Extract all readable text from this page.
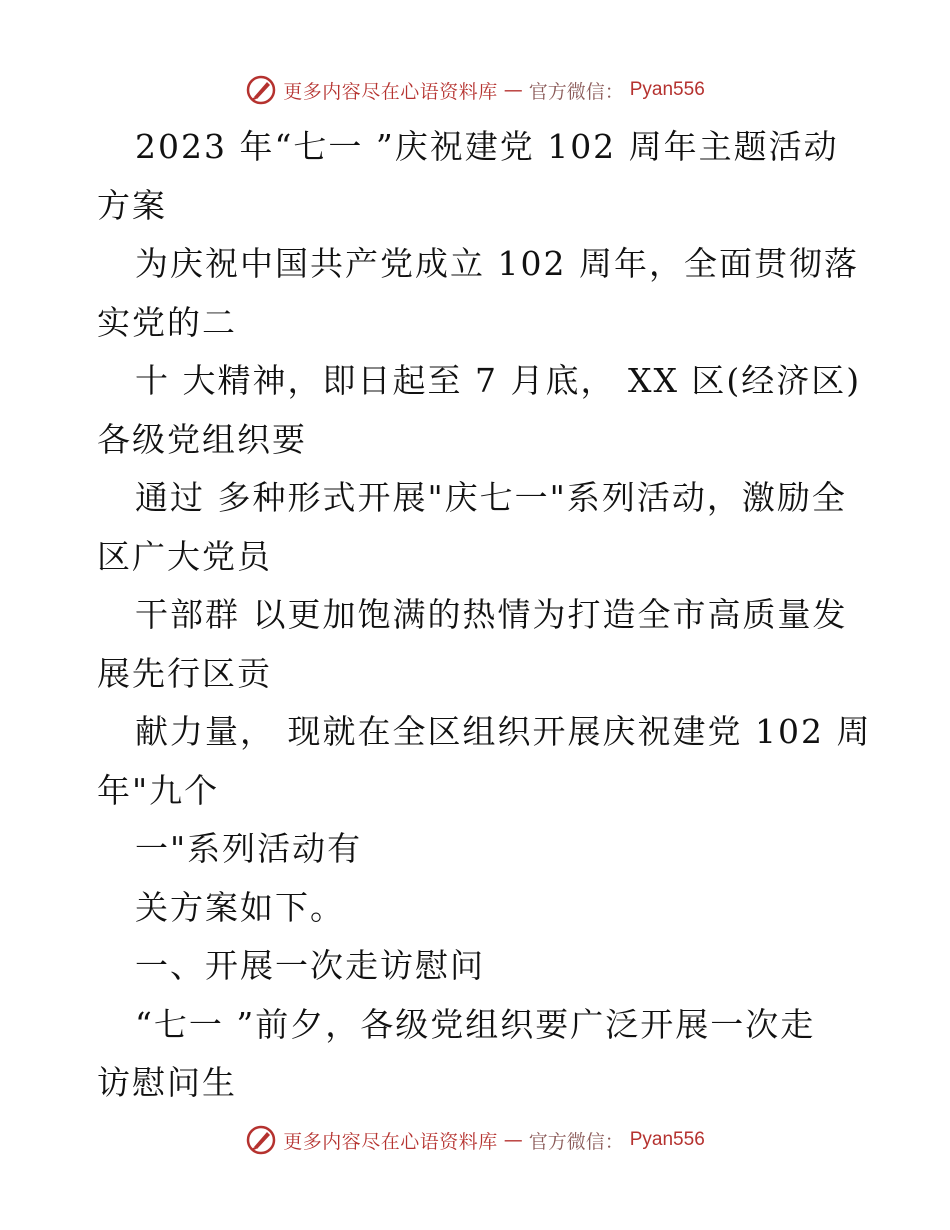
更多内容尽在心语资料库 — 官方微信： Pyan556

2023 年“七一 ”庆祝建党 102 周年主题活动
方案

为庆祝中国共产党成立 102 周年，全面贯彻落
实党的二

十 大精神，即日起至 7 月底， XX 区(经济区)
各级党组织要

通过 多种形式开展"庆七一"系列活动，激励全
区广大党员

干部群 以更加饱满的热情为打造全市高质量发
展先行区贡

献力量， 现就在全区组织开展庆祝建党 102 周
年"九个

一"系列活动有

关方案如下。

一、开展一次走访慰问

“七一 ”前夕，各级党组织要广泛开展一次走
访慰问生

更多内容尽在心语资料库 — 官方微信： Pyan556
